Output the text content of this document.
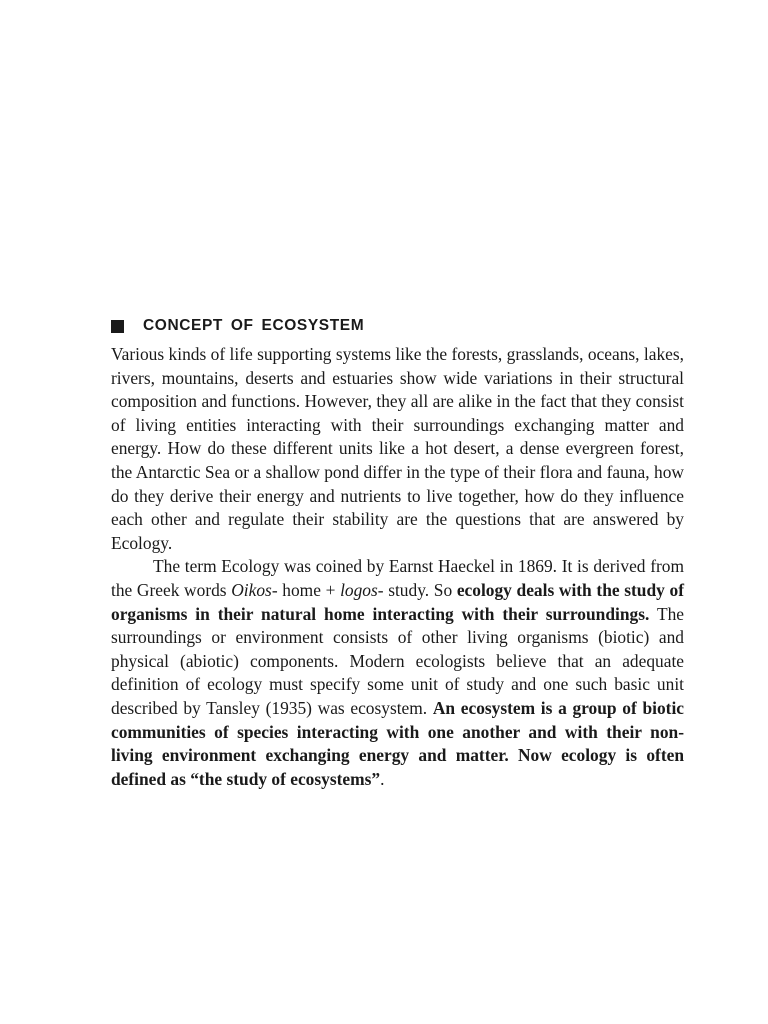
CONCEPT OF ECOSYSTEM

Various kinds of life supporting systems like the forests, grasslands, oceans, lakes, rivers, mountains, deserts and estuaries show wide variations in their structural composition and functions. However, they all are alike in the fact that they consist of living entities interacting with their surroundings exchanging matter and energy. How do these different units like a hot desert, a dense evergreen forest, the Antarctic Sea or a shallow pond differ in the type of their flora and fauna, how do they derive their energy and nutrients to live together, how do they influence each other and regulate their stability are the questions that are answered by Ecology.

The term Ecology was coined by Earnst Haeckel in 1869. It is derived from the Greek words Oikos- home + logos- study. So ecology deals with the study of organisms in their natural home interacting with their surroundings. The surroundings or environment consists of other living organisms (biotic) and physical (abiotic) components. Modern ecologists believe that an adequate definition of ecology must specify some unit of study and one such basic unit described by Tansley (1935) was ecosystem. An ecosystem is a group of biotic communities of species interacting with one another and with their non-living environment exchanging energy and matter. Now ecology is often defined as “the study of ecosystems”.
